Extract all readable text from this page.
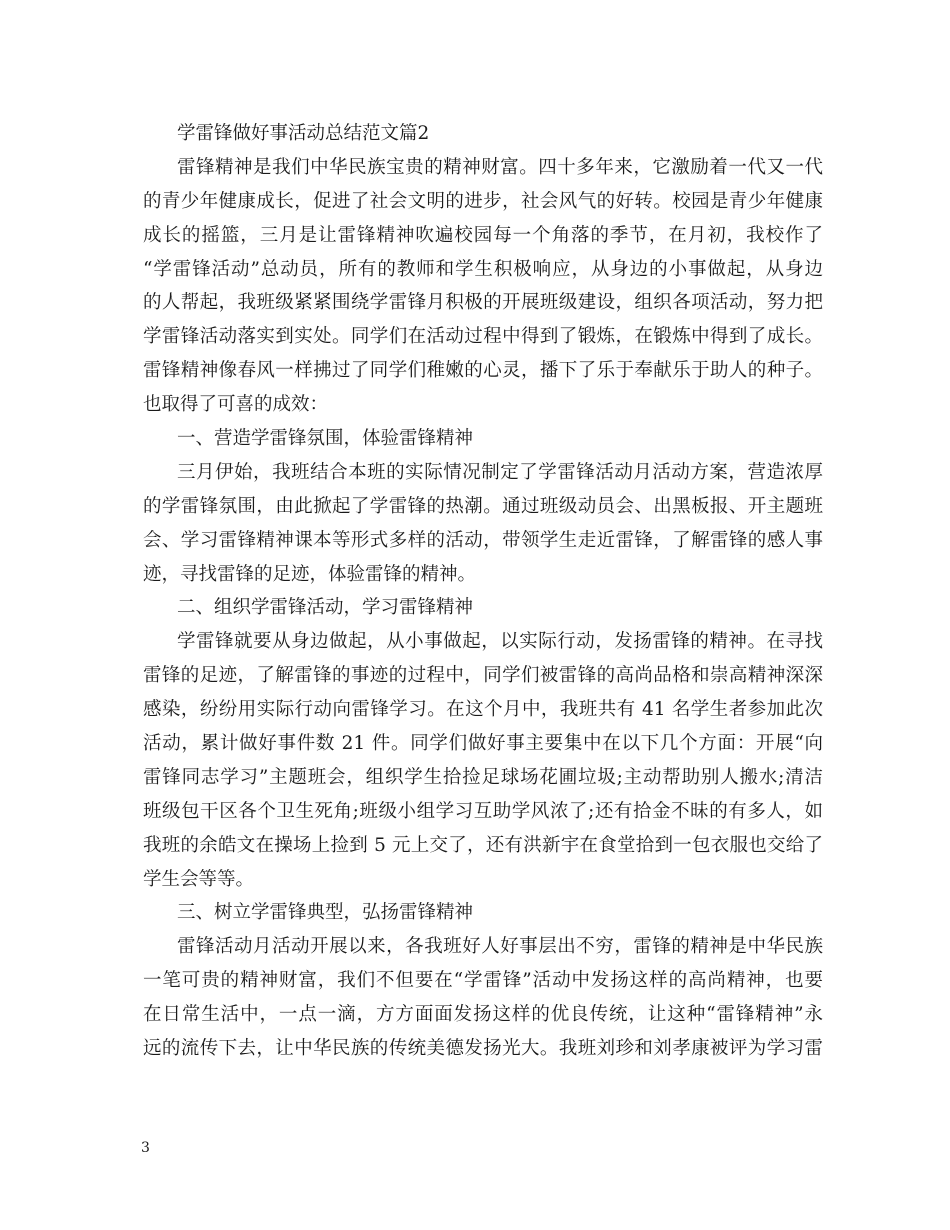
学雷锋做好事活动总结范文篇2
雷锋精神是我们中华民族宝贵的精神财富。四十多年来，它激励着一代又一代
的青少年健康成长，促进了社会文明的进步，社会风气的好转。校园是青少年健康
成长的摇篮，三月是让雷锋精神吹遍校园每一个角落的季节，在月初，我校作了
“学雷锋活动”总动员，所有的教师和学生积极响应，从身边的小事做起，从身边
的人帮起，我班级紧紧围绕学雷锋月积极的开展班级建设，组织各项活动，努力把
学雷锋活动落实到实处。同学们在活动过程中得到了锻炼，在锻炼中得到了成长。
雷锋精神像春风一样拂过了同学们稚嫩的心灵，播下了乐于奉献乐于助人的种子。
也取得了可喜的成效：
一、营造学雷锋氛围，体验雷锋精神
三月伊始，我班结合本班的实际情况制定了学雷锋活动月活动方案，营造浓厚
的学雷锋氛围，由此掀起了学雷锋的热潮。通过班级动员会、出黑板报、开主题班
会、学习雷锋精神课本等形式多样的活动，带领学生走近雷锋，了解雷锋的感人事
迹，寻找雷锋的足迹，体验雷锋的精神。
二、组织学雷锋活动，学习雷锋精神
学雷锋就要从身边做起，从小事做起，以实际行动，发扬雷锋的精神。在寻找
雷锋的足迹，了解雷锋的事迹的过程中，同学们被雷锋的高尚品格和崇高精神深深
感染，纷纷用实际行动向雷锋学习。在这个月中，我班共有 41 名学生者参加此次
活动，累计做好事件数 21 件。同学们做好事主要集中在以下几个方面：开展“向
雷锋同志学习”主题班会，组织学生拾捡足球场花圃垃圾;主动帮助别人搬水;清洁
班级包干区各个卫生死角;班级小组学习互助学风浓了;还有拾金不昧的有多人，如
我班的余皓文在操场上捡到 5 元上交了，还有洪新宇在食堂拾到一包衣服也交给了
学生会等等。
三、树立学雷锋典型，弘扬雷锋精神
雷锋活动月活动开展以来，各我班好人好事层出不穷，雷锋的精神是中华民族
一笔可贵的精神财富，我们不但要在“学雷锋”活动中发扬这样的高尚精神，也要
在日常生活中，一点一滴，方方面面发扬这样的优良传统，让这种“雷锋精神”永
远的流传下去，让中华民族的传统美德发扬光大。我班刘珍和刘孝康被评为学习雷
3
